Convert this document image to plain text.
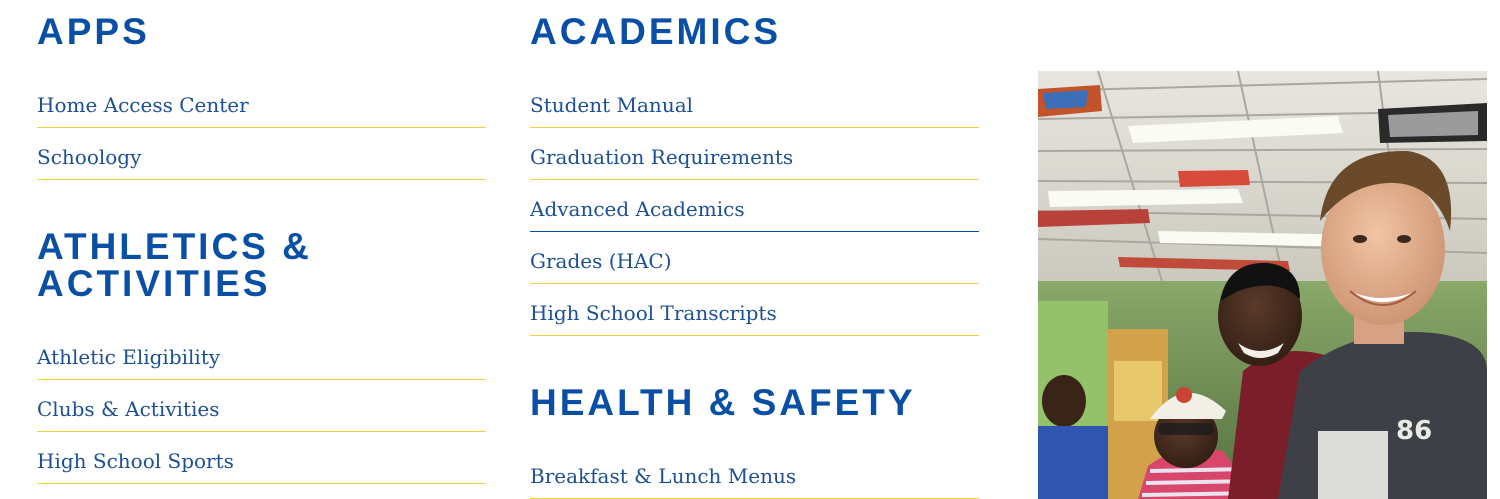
APPS
Home Access Center
Schoology
ATHLETICS & ACTIVITIES
Athletic Eligibility
Clubs & Activities
High School Sports
ACADEMICS
Student Manual
Graduation Requirements
Advanced Academics
Grades (HAC)
High School Transcripts
HEALTH & SAFETY
Breakfast & Lunch Menus
86
